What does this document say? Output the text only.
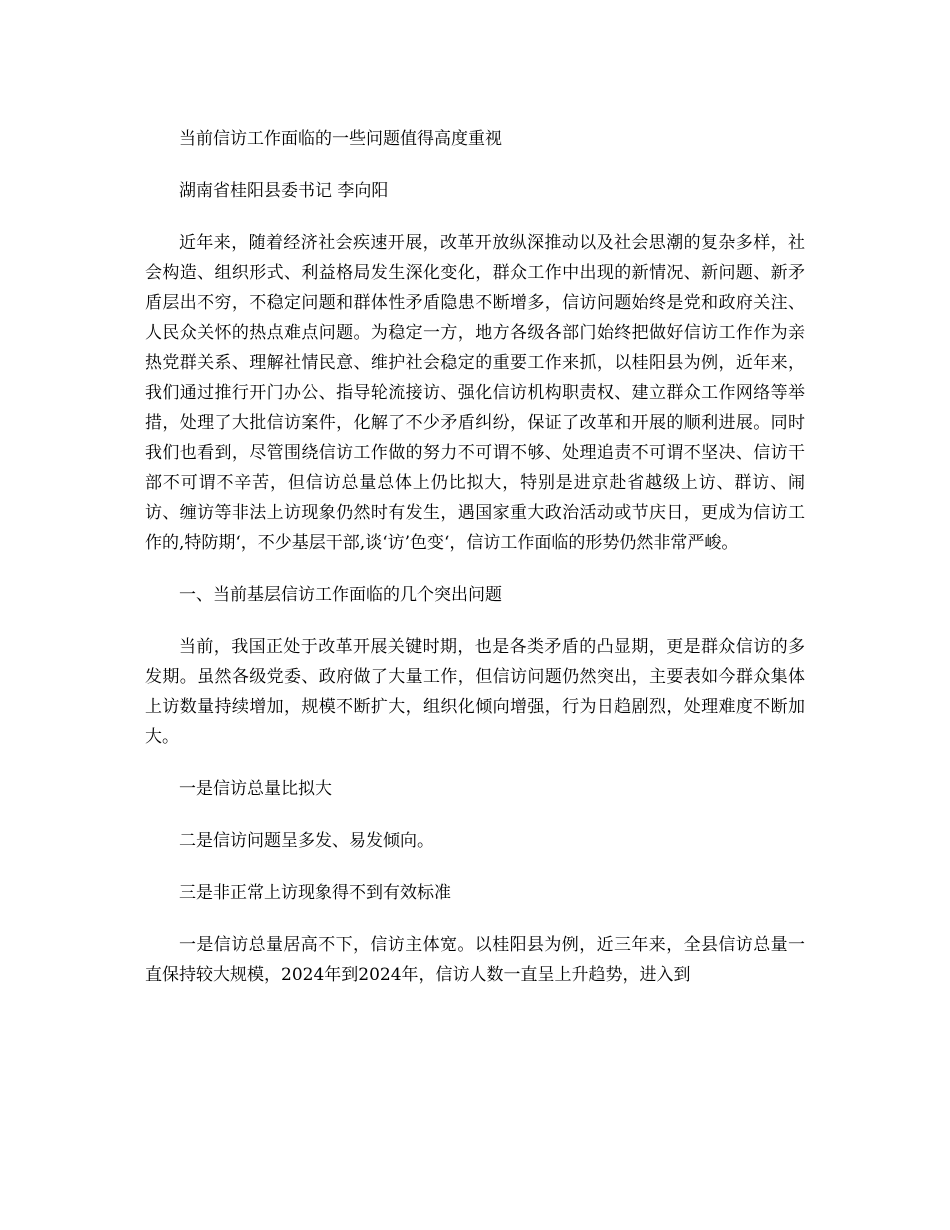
当前信访工作面临的一些问题值得高度重视

湖南省桂阳县委书记 李向阳

近年来，随着经济社会疾速开展，改革开放纵深推动以及社会思潮的复杂多样，社会构造、组织形式、利益格局发生深化变化，群众工作中出现的新情况、新问题、新矛盾层出不穷，不稳定问题和群体性矛盾隐患不断增多，信访问题始终是党和政府关注、人民众关怀的热点难点问题。为稳定一方，地方各级各部门始终把做好信访工作作为亲热党群关系、理解社情民意、维护社会稳定的重要工作来抓，以桂阳县为例，近年来，我们通过推行开门办公、指导轮流接访、强化信访机构职责权、建立群众工作网络等举措，处理了大批信访案件，化解了不少矛盾纠纷，保证了改革和开展的顺利进展。同时我们也看到，尽管围绕信访工作做的努力不可谓不够、处理追责不可谓不坚决、信访干部不可谓不辛苦，但信访总量总体上仍比拟大，特别是进京赴省越级上访、群访、闹访、缠访等非法上访现象仍然时有发生，遇国家重大政治活动或节庆日，更成为信访工作的,特防期‘，不少基层干部,谈‘访’色变‘，信访工作面临的形势仍然非常严峻。

一、当前基层信访工作面临的几个突出问题

当前，我国正处于改革开展关键时期，也是各类矛盾的凸显期，更是群众信访的多发期。虽然各级党委、政府做了大量工作，但信访问题仍然突出，主要表如今群众集体上访数量持续增加，规模不断扩大，组织化倾向增强，行为日趋剧烈，处理难度不断加大。

一是信访总量比拟大

二是信访问题呈多发、易发倾向。

三是非正常上访现象得不到有效标准

一是信访总量居高不下，信访主体宽。以桂阳县为例，近三年来，全县信访总量一直保持较大规模，2024年到2024年，信访人数一直呈上升趋势，进入到
